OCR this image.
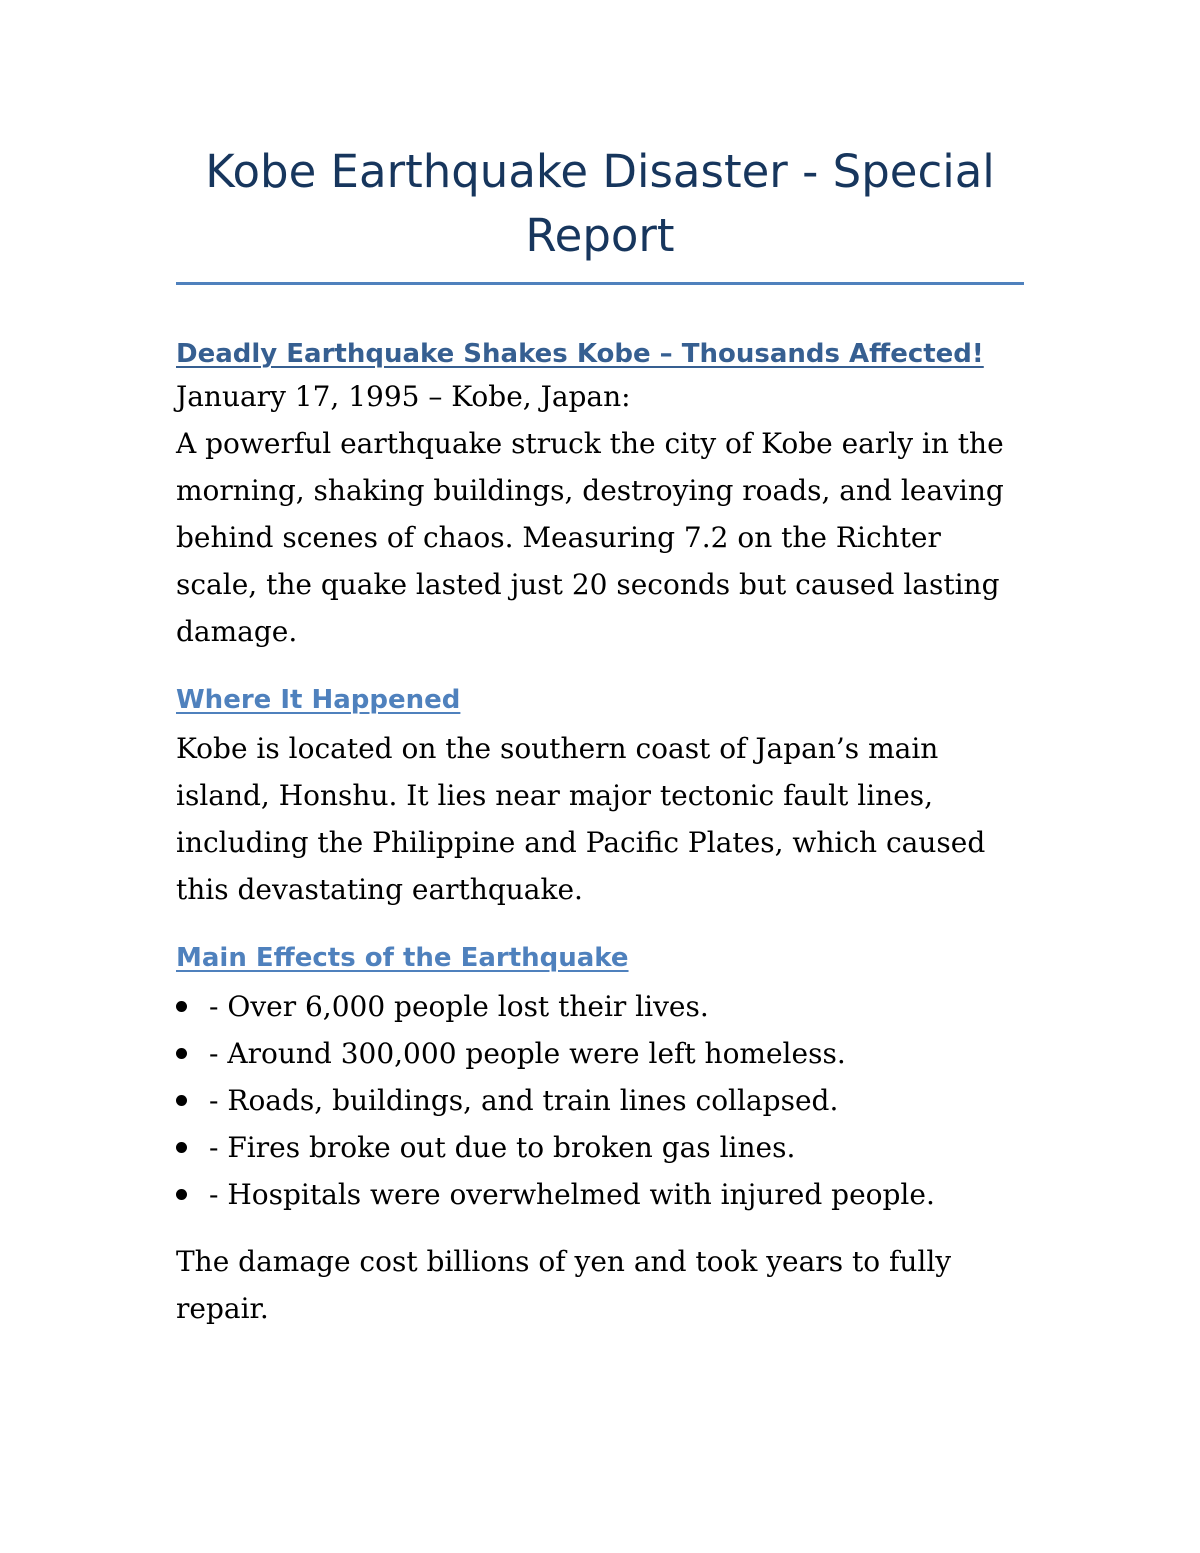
Kobe Earthquake Disaster - Special Report
Deadly Earthquake Shakes Kobe – Thousands Affected!

January 17, 1995 – Kobe, Japan:

A powerful earthquake struck the city of Kobe early in the morning, shaking buildings, destroying roads, and leaving behind scenes of chaos. Measuring 7.2 on the Richter scale, the quake lasted just 20 seconds but caused lasting damage.

Where It Happened

Kobe is located on the southern coast of Japan’s main island, Honshu. It lies near major tectonic fault lines, including the Philippine and Pacific Plates, which caused this devastating earthquake.

Main Effects of the Earthquake
- Over 6,000 people lost their lives.
- Around 300,000 people were left homeless.
- Roads, buildings, and train lines collapsed.
- Fires broke out due to broken gas lines.
- Hospitals were overwhelmed with injured people.

The damage cost billions of yen and took years to fully repair.
